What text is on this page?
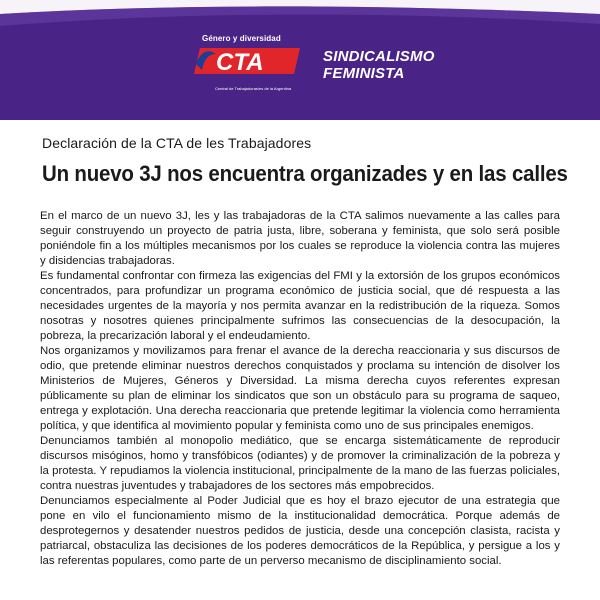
Género y diversidad
CTA
Central de Trabajadoras/es de la Argentina
SINDICALISMO
FEMINISTA
Declaración de la CTA de les Trabajadores
Un nuevo 3J nos encuentra organizades y en las calles

En el marco de un nuevo 3J, les y las trabajadoras de la CTA salimos nuevamente a las calles para seguir construyendo un proyecto de patria justa, libre, soberana y feminista, que solo será posible poniéndole fin a los múltiples mecanismos por los cuales se reproduce la violencia contra las mujeres y disidencias trabajadoras.

Es fundamental confrontar con firmeza las exigencias del FMI y la extorsión de los grupos económicos concentrados, para profundizar un programa económico de justicia social, que dé respuesta a las necesidades urgentes de la mayoría y nos permita avanzar en la redistribución de la riqueza. Somos nosotras y nosotres quienes principalmente sufrimos las consecuencias de la desocupación, la pobreza, la precarización laboral y el endeudamiento.

Nos organizamos y movilizamos para frenar el avance de la derecha reaccionaria y sus discursos de odio, que pretende eliminar nuestros derechos conquistados y proclama su intención de disolver los Ministerios de Mujeres, Géneros y Diversidad. La misma derecha cuyos referentes expresan públicamente su plan de eliminar los sindicatos que son un obstáculo para su programa de saqueo, entrega y explotación. Una derecha reaccionaria que pretende legitimar la violencia como herramienta política, y que identifica al movimiento popular y feminista como uno de sus principales enemigos.

Denunciamos también al monopolio mediático, que se encarga sistemáticamente de reproducir discursos misóginos, homo y transfóbicos (odiantes) y de promover la criminalización de la pobreza y la protesta. Y repudiamos la violencia institucional, principalmente de la mano de las fuerzas policiales, contra nuestras juventudes y trabajadores de los sectores más empobrecidos.

Denunciamos especialmente al Poder Judicial que es hoy el brazo ejecutor de una estrategia que pone en vilo el funcionamiento mismo de la institucionalidad democrática. Porque además de desprotegernos y desatender nuestros pedidos de justicia, desde una concepción clasista, racista y patriarcal, obstaculiza las decisiones de los poderes democráticos de la República, y persigue a los y las referentas populares, como parte de un perverso mecanismo de disciplinamiento social.
